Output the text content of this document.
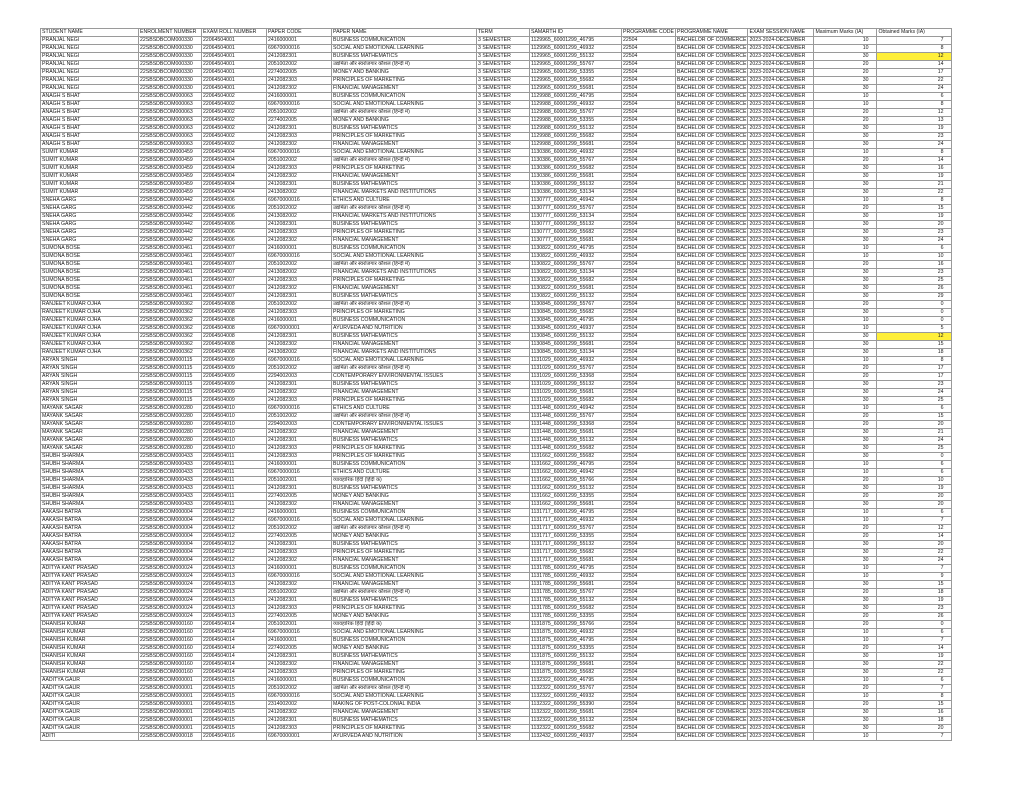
STUDENT NAME	ENROLMENT NUMBER	EXAM ROLL NUMBER	PAPER CODE	PAPER NAME	TERM	SAMARTH ID	PROGRAMME CODE	PROGRAMME NAME	EXAM SESSION NAME	Maximum Marks (IA)	Obtained Marks (IA)
PRANJAL NEGI	22SBSDBCOM000330	22064504001	2416000001	BUSINESS COMMUNICATION	3 SEMESTER	1129965_60001299_46795	22504	BACHELOR OF COMMERCE	2023-2024-DECEMBER	10	7
PRANJAL NEGI	22SBSDBCOM000330	22064504001	69670000016	SOCIAL AND EMOTIONAL LEARNING	3 SEMESTER	1129965_60001299_46932	22504	BACHELOR OF COMMERCE	2023-2024-DECEMBER	10	8
PRANJAL NEGI	22SBSDBCOM000330	22064504001	2412082301	BUSINESS MATHEMATICS	3 SEMESTER	1129965_60001299_55132	22504	BACHELOR OF COMMERCE	2023-2024-DECEMBER	30	12
PRANJAL NEGI	22SBSDBCOM000330	22064504001	2051002002	उद्यमिता और स्वरोजगार कौशल (हिन्दी में)	3 SEMESTER	1129965_60001299_55767	22504	BACHELOR OF COMMERCE	2023-2024-DECEMBER	20	14
PRANJAL NEGI	22SBSDBCOM000330	22064504001	2274002005	MONEY AND BANKING	3 SEMESTER	1129965_60001299_53355	22504	BACHELOR OF COMMERCE	2023-2024-DECEMBER	20	17
PRANJAL NEGI	22SBSDBCOM000330	22064504001	2412082303	PRINCIPLES OF MARKETING	3 SEMESTER	1129965_60001299_55682	22504	BACHELOR OF COMMERCE	2023-2024-DECEMBER	30	22
PRANJAL NEGI	22SBSDBCOM000330	22064504001	2412082302	FINANCIAL MANAGEMENT	3 SEMESTER	1129965_60001299_55681	22504	BACHELOR OF COMMERCE	2023-2024-DECEMBER	30	24
ANAGH S BHAT	22SBSDBCOM000063	22064504002	2416000001	BUSINESS COMMUNICATION	3 SEMESTER	1129988_60001299_46795	22504	BACHELOR OF COMMERCE	2023-2024-DECEMBER	10	6
ANAGH S BHAT	22SBSDBCOM000063	22064504002	69670000016	SOCIAL AND EMOTIONAL LEARNING	3 SEMESTER	1129988_60001299_46932	22504	BACHELOR OF COMMERCE	2023-2024-DECEMBER	10	8
ANAGH S BHAT	22SBSDBCOM000063	22064504002	2051002002	उद्यमिता और स्वरोजगार कौशल (हिन्दी में)	3 SEMESTER	1129988_60001299_55767	22504	BACHELOR OF COMMERCE	2023-2024-DECEMBER	20	12
ANAGH S BHAT	22SBSDBCOM000063	22064504002	2274002005	MONEY AND BANKING	3 SEMESTER	1129988_60001299_53355	22504	BACHELOR OF COMMERCE	2023-2024-DECEMBER	20	13
ANAGH S BHAT	22SBSDBCOM000063	22064504002	2412082301	BUSINESS MATHEMATICS	3 SEMESTER	1129988_60001299_55132	22504	BACHELOR OF COMMERCE	2023-2024-DECEMBER	30	19
ANAGH S BHAT	22SBSDBCOM000063	22064504002	2412082303	PRINCIPLES OF MARKETING	3 SEMESTER	1129988_60001299_55682	22504	BACHELOR OF COMMERCE	2023-2024-DECEMBER	30	23
ANAGH S BHAT	22SBSDBCOM000063	22064504002	2412082302	FINANCIAL MANAGEMENT	3 SEMESTER	1129988_60001299_55681	22504	BACHELOR OF COMMERCE	2023-2024-DECEMBER	30	24
SUMIT KUMAR	22SBSDBCOM000459	22064504004	69670000016	SOCIAL AND EMOTIONAL LEARNING	3 SEMESTER	1130386_60001299_46932	22504	BACHELOR OF COMMERCE	2023-2024-DECEMBER	10	8
SUMIT KUMAR	22SBSDBCOM000459	22064504004	2051002002	उद्यमिता और स्वरोजगार कौशल (हिन्दी में)	3 SEMESTER	1130386_60001299_55767	22504	BACHELOR OF COMMERCE	2023-2024-DECEMBER	20	14
SUMIT KUMAR	22SBSDBCOM000459	22064504004	2412082303	PRINCIPLES OF MARKETING	3 SEMESTER	1130386_60001299_55682	22504	BACHELOR OF COMMERCE	2023-2024-DECEMBER	30	16
SUMIT KUMAR	22SBSDBCOM000459	22064504004	2412082302	FINANCIAL MANAGEMENT	3 SEMESTER	1130386_60001299_55681	22504	BACHELOR OF COMMERCE	2023-2024-DECEMBER	30	19
SUMIT KUMAR	22SBSDBCOM000459	22064504004	2412082301	BUSINESS MATHEMATICS	3 SEMESTER	1130386_60001299_55132	22504	BACHELOR OF COMMERCE	2023-2024-DECEMBER	30	21
SUMIT KUMAR	22SBSDBCOM000459	22064504004	2413082002	FINANCIAL MARKETS AND INSTITUTIONS	3 SEMESTER	1130386_60001299_53134	22504	BACHELOR OF COMMERCE	2023-2024-DECEMBER	30	22
SNEHA GARG	22SBSDBCOM000442	22064504006	69670000016	ETHICS AND CULTURE	3 SEMESTER	1130777_60001299_46942	22504	BACHELOR OF COMMERCE	2023-2024-DECEMBER	10	8
SNEHA GARG	22SBSDBCOM000442	22064504006	2051002002	उद्यमिता और स्वरोजगार कौशल (हिन्दी में)	3 SEMESTER	1130777_60001299_55767	22504	BACHELOR OF COMMERCE	2023-2024-DECEMBER	20	15
SNEHA GARG	22SBSDBCOM000442	22064504006	2413082002	FINANCIAL MARKETS AND INSTITUTIONS	3 SEMESTER	1130777_60001299_53134	22504	BACHELOR OF COMMERCE	2023-2024-DECEMBER	30	19
SNEHA GARG	22SBSDBCOM000442	22064504006	2412082301	BUSINESS MATHEMATICS	3 SEMESTER	1130777_60001299_55132	22504	BACHELOR OF COMMERCE	2023-2024-DECEMBER	30	20
SNEHA GARG	22SBSDBCOM000442	22064504006	2412082303	PRINCIPLES OF MARKETING	3 SEMESTER	1130777_60001299_55682	22504	BACHELOR OF COMMERCE	2023-2024-DECEMBER	30	23
SNEHA GARG	22SBSDBCOM000442	22064504006	2412082302	FINANCIAL MANAGEMENT	3 SEMESTER	1130777_60001299_55681	22504	BACHELOR OF COMMERCE	2023-2024-DECEMBER	30	24
SUMONA BOSE	22SBSDBCOM000461	22064504007	2416000001	BUSINESS COMMUNICATION	3 SEMESTER	1130822_60001299_46795	22504	BACHELOR OF COMMERCE	2023-2024-DECEMBER	10	6
SUMONA BOSE	22SBSDBCOM000461	22064504007	69670000016	SOCIAL AND EMOTIONAL LEARNING	3 SEMESTER	1130822_60001299_46932	22504	BACHELOR OF COMMERCE	2023-2024-DECEMBER	10	10
SUMONA BOSE	22SBSDBCOM000461	22064504007	2051002002	उद्यमिता और स्वरोजगार कौशल (हिन्दी में)	3 SEMESTER	1130822_60001299_55767	22504	BACHELOR OF COMMERCE	2023-2024-DECEMBER	20	16
SUMONA BOSE	22SBSDBCOM000461	22064504007	2413082002	FINANCIAL MARKETS AND INSTITUTIONS	3 SEMESTER	1130822_60001299_53134	22504	BACHELOR OF COMMERCE	2023-2024-DECEMBER	30	23
SUMONA BOSE	22SBSDBCOM000461	22064504007	2412082303	PRINCIPLES OF MARKETING	3 SEMESTER	1130822_60001299_55682	22504	BACHELOR OF COMMERCE	2023-2024-DECEMBER	30	25
SUMONA BOSE	22SBSDBCOM000461	22064504007	2412082302	FINANCIAL MANAGEMENT	3 SEMESTER	1130822_60001299_55681	22504	BACHELOR OF COMMERCE	2023-2024-DECEMBER	30	26
SUMONA BOSE	22SBSDBCOM000461	22064504007	2412082301	BUSINESS MATHEMATICS	3 SEMESTER	1130822_60001299_55132	22504	BACHELOR OF COMMERCE	2023-2024-DECEMBER	30	29
RANJEET KUMAR OJHA	22SBSDBCOM000362	22064504008	2051002002	उद्यमिता और स्वरोजगार कौशल (हिन्दी में)	3 SEMESTER	1130845_60001299_55767	22504	BACHELOR OF COMMERCE	2023-2024-DECEMBER	20	0
RANJEET KUMAR OJHA	22SBSDBCOM000362	22064504008	2412082303	PRINCIPLES OF MARKETING	3 SEMESTER	1130845_60001299_55682	22504	BACHELOR OF COMMERCE	2023-2024-DECEMBER	30	0
RANJEET KUMAR OJHA	22SBSDBCOM000362	22064504008	2416000001	BUSINESS COMMUNICATION	3 SEMESTER	1130845_60001299_46795	22504	BACHELOR OF COMMERCE	2023-2024-DECEMBER	10	0
RANJEET KUMAR OJHA	22SBSDBCOM000362	22064504008	69670000001	AYURVEDA AND NUTRITION	3 SEMESTER	1130845_60001299_46937	22504	BACHELOR OF COMMERCE	2023-2024-DECEMBER	10	5
RANJEET KUMAR OJHA	22SBSDBCOM000362	22064504008	2412082301	BUSINESS MATHEMATICS	3 SEMESTER	1130845_60001299_55132	22504	BACHELOR OF COMMERCE	2023-2024-DECEMBER	30	12
RANJEET KUMAR OJHA	22SBSDBCOM000362	22064504008	2412082302	FINANCIAL MANAGEMENT	3 SEMESTER	1130845_60001299_55681	22504	BACHELOR OF COMMERCE	2023-2024-DECEMBER	30	15
RANJEET KUMAR OJHA	22SBSDBCOM000362	22064504008	2413082002	FINANCIAL MARKETS AND INSTITUTIONS	3 SEMESTER	1130845_60001299_53134	22504	BACHELOR OF COMMERCE	2023-2024-DECEMBER	30	18
ARYAN SINGH	22SBSDBCOM000115	22064504009	69670000016	SOCIAL AND EMOTIONAL LEARNING	3 SEMESTER	1131029_60001299_46932	22504	BACHELOR OF COMMERCE	2023-2024-DECEMBER	10	8
ARYAN SINGH	22SBSDBCOM000115	22064504009	2051002002	उद्यमिता और स्वरोजगार कौशल (हिन्दी में)	3 SEMESTER	1131029_60001299_55767	22504	BACHELOR OF COMMERCE	2023-2024-DECEMBER	20	17
ARYAN SINGH	22SBSDBCOM000115	22064504009	2294002003	CONTEMPORARY ENVIRONMENTAL ISSUES	3 SEMESTER	1131029_60001299_53368	22504	BACHELOR OF COMMERCE	2023-2024-DECEMBER	20	17
ARYAN SINGH	22SBSDBCOM000115	22064504009	2412082301	BUSINESS MATHEMATICS	3 SEMESTER	1131029_60001299_55132	22504	BACHELOR OF COMMERCE	2023-2024-DECEMBER	30	23
ARYAN SINGH	22SBSDBCOM000115	22064504009	2412082302	FINANCIAL MANAGEMENT	3 SEMESTER	1131029_60001299_55681	22504	BACHELOR OF COMMERCE	2023-2024-DECEMBER	30	24
ARYAN SINGH	22SBSDBCOM000115	22064504009	2412082303	PRINCIPLES OF MARKETING	3 SEMESTER	1131029_60001299_55682	22504	BACHELOR OF COMMERCE	2023-2024-DECEMBER	30	25
MAYANK SAGAR	22SBSDBCOM000280	22064504010	69670000016	ETHICS AND CULTURE	3 SEMESTER	1131448_60001299_46942	22504	BACHELOR OF COMMERCE	2023-2024-DECEMBER	10	6
MAYANK SAGAR	22SBSDBCOM000280	22064504010	2051002002	उद्यमिता और स्वरोजगार कौशल (हिन्दी में)	3 SEMESTER	1131448_60001299_55767	22504	BACHELOR OF COMMERCE	2023-2024-DECEMBER	20	15
MAYANK SAGAR	22SBSDBCOM000280	22064504010	2294002003	CONTEMPORARY ENVIRONMENTAL ISSUES	3 SEMESTER	1131448_60001299_53368	22504	BACHELOR OF COMMERCE	2023-2024-DECEMBER	20	20
MAYANK SAGAR	22SBSDBCOM000280	22064504010	2412082302	FINANCIAL MANAGEMENT	3 SEMESTER	1131448_60001299_55681	22504	BACHELOR OF COMMERCE	2023-2024-DECEMBER	30	21
MAYANK SAGAR	22SBSDBCOM000280	22064504010	2412082301	BUSINESS MATHEMATICS	3 SEMESTER	1131448_60001299_55132	22504	BACHELOR OF COMMERCE	2023-2024-DECEMBER	30	24
MAYANK SAGAR	22SBSDBCOM000280	22064504010	2412082303	PRINCIPLES OF MARKETING	3 SEMESTER	1131448_60001299_55682	22504	BACHELOR OF COMMERCE	2023-2024-DECEMBER	30	25
SHUBH SHARMA	22SBSDBCOM000433	22064504011	2412082303	PRINCIPLES OF MARKETING	3 SEMESTER	1131662_60001299_55682	22504	BACHELOR OF COMMERCE	2023-2024-DECEMBER	30	0
SHUBH SHARMA	22SBSDBCOM000433	22064504011	2416000001	BUSINESS COMMUNICATION	3 SEMESTER	1131662_60001299_46795	22504	BACHELOR OF COMMERCE	2023-2024-DECEMBER	10	6
SHUBH SHARMA	22SBSDBCOM000433	22064504011	69670000016	ETHICS AND CULTURE	3 SEMESTER	1131662_60001299_46942	22504	BACHELOR OF COMMERCE	2023-2024-DECEMBER	10	6
SHUBH SHARMA	22SBSDBCOM000433	22064504011	2051002001	व्यावहारिक हिंदी (हिंदी क)	3 SEMESTER	1131662_60001299_55766	22504	BACHELOR OF COMMERCE	2023-2024-DECEMBER	20	10
SHUBH SHARMA	22SBSDBCOM000433	22064504011	2412082301	BUSINESS MATHEMATICS	3 SEMESTER	1131662_60001299_55132	22504	BACHELOR OF COMMERCE	2023-2024-DECEMBER	30	19
SHUBH SHARMA	22SBSDBCOM000433	22064504011	2274002005	MONEY AND BANKING	3 SEMESTER	1131662_60001299_53355	22504	BACHELOR OF COMMERCE	2023-2024-DECEMBER	20	20
SHUBH SHARMA	22SBSDBCOM000433	22064504011	2412082302	FINANCIAL MANAGEMENT	3 SEMESTER	1131662_60001299_55681	22504	BACHELOR OF COMMERCE	2023-2024-DECEMBER	30	20
AAKASH BATRA	22SBSDBCOM000004	22064504012	2416000001	BUSINESS COMMUNICATION	3 SEMESTER	1131717_60001299_46795	22504	BACHELOR OF COMMERCE	2023-2024-DECEMBER	10	6
AAKASH BATRA	22SBSDBCOM000004	22064504012	69670000016	SOCIAL AND EMOTIONAL LEARNING	3 SEMESTER	1131717_60001299_46932	22504	BACHELOR OF COMMERCE	2023-2024-DECEMBER	10	7
AAKASH BATRA	22SBSDBCOM000004	22064504012	2051002002	उद्यमिता और स्वरोजगार कौशल (हिन्दी में)	3 SEMESTER	1131717_60001299_55767	22504	BACHELOR OF COMMERCE	2023-2024-DECEMBER	20	12
AAKASH BATRA	22SBSDBCOM000004	22064504012	2274002005	MONEY AND BANKING	3 SEMESTER	1131717_60001299_53355	22504	BACHELOR OF COMMERCE	2023-2024-DECEMBER	20	14
AAKASH BATRA	22SBSDBCOM000004	22064504012	2412082301	BUSINESS MATHEMATICS	3 SEMESTER	1131717_60001299_55132	22504	BACHELOR OF COMMERCE	2023-2024-DECEMBER	30	20
AAKASH BATRA	22SBSDBCOM000004	22064504012	2412082303	PRINCIPLES OF MARKETING	3 SEMESTER	1131717_60001299_55682	22504	BACHELOR OF COMMERCE	2023-2024-DECEMBER	30	22
AAKASH BATRA	22SBSDBCOM000004	22064504012	2412082302	FINANCIAL MANAGEMENT	3 SEMESTER	1131717_60001299_55681	22504	BACHELOR OF COMMERCE	2023-2024-DECEMBER	30	24
ADITYA KANT PRASAD	22SBSDBCOM000024	22064504013	2416000001	BUSINESS COMMUNICATION	3 SEMESTER	1131785_60001299_46795	22504	BACHELOR OF COMMERCE	2023-2024-DECEMBER	10	7
ADITYA KANT PRASAD	22SBSDBCOM000024	22064504013	69670000016	SOCIAL AND EMOTIONAL LEARNING	3 SEMESTER	1131785_60001299_46932	22504	BACHELOR OF COMMERCE	2023-2024-DECEMBER	10	9
ADITYA KANT PRASAD	22SBSDBCOM000024	22064504013	2412082302	FINANCIAL MANAGEMENT	3 SEMESTER	1131785_60001299_55681	22504	BACHELOR OF COMMERCE	2023-2024-DECEMBER	30	15
ADITYA KANT PRASAD	22SBSDBCOM000024	22064504013	2051002002	उद्यमिता और स्वरोजगार कौशल (हिन्दी में)	3 SEMESTER	1131785_60001299_55767	22504	BACHELOR OF COMMERCE	2023-2024-DECEMBER	20	18
ADITYA KANT PRASAD	22SBSDBCOM000024	22064504013	2412082301	BUSINESS MATHEMATICS	3 SEMESTER	1131785_60001299_55132	22504	BACHELOR OF COMMERCE	2023-2024-DECEMBER	30	19
ADITYA KANT PRASAD	22SBSDBCOM000024	22064504013	2412082303	PRINCIPLES OF MARKETING	3 SEMESTER	1131785_60001299_55682	22504	BACHELOR OF COMMERCE	2023-2024-DECEMBER	30	23
ADITYA KANT PRASAD	22SBSDBCOM000024	22064504013	2274002005	MONEY AND BANKING	3 SEMESTER	1131785_60001299_53355	22504	BACHELOR OF COMMERCE	2023-2024-DECEMBER	20	26
DHANISH KUMAR	22SBSDBCOM000160	22064504014	2051002001	व्यावहारिक हिंदी (हिंदी क)	3 SEMESTER	1131875_60001299_55766	22504	BACHELOR OF COMMERCE	2023-2024-DECEMBER	20	0
DHANISH KUMAR	22SBSDBCOM000160	22064504014	69670000016	SOCIAL AND EMOTIONAL LEARNING	3 SEMESTER	1131875_60001299_46932	22504	BACHELOR OF COMMERCE	2023-2024-DECEMBER	10	6
DHANISH KUMAR	22SBSDBCOM000160	22064504014	2416000001	BUSINESS COMMUNICATION	3 SEMESTER	1131875_60001299_46795	22504	BACHELOR OF COMMERCE	2023-2024-DECEMBER	10	7
DHANISH KUMAR	22SBSDBCOM000160	22064504014	2274002005	MONEY AND BANKING	3 SEMESTER	1131875_60001299_53355	22504	BACHELOR OF COMMERCE	2023-2024-DECEMBER	20	14
DHANISH KUMAR	22SBSDBCOM000160	22064504014	2412082301	BUSINESS MATHEMATICS	3 SEMESTER	1131875_60001299_55132	22504	BACHELOR OF COMMERCE	2023-2024-DECEMBER	30	19
DHANISH KUMAR	22SBSDBCOM000160	22064504014	2412082302	FINANCIAL MANAGEMENT	3 SEMESTER	1131875_60001299_55681	22504	BACHELOR OF COMMERCE	2023-2024-DECEMBER	30	22
DHANISH KUMAR	22SBSDBCOM000160	22064504014	2412082303	PRINCIPLES OF MARKETING	3 SEMESTER	1131875_60001299_55682	22504	BACHELOR OF COMMERCE	2023-2024-DECEMBER	30	22
AADITYA GAUR	22SBSDBCOM000001	22064504015	2416000001	BUSINESS COMMUNICATION	3 SEMESTER	1132322_60001299_46795	22504	BACHELOR OF COMMERCE	2023-2024-DECEMBER	10	6
AADITYA GAUR	22SBSDBCOM000001	22064504015	2051002002	उद्यमिता और स्वरोजगार कौशल (हिन्दी में)	3 SEMESTER	1132322_60001299_55767	22504	BACHELOR OF COMMERCE	2023-2024-DECEMBER	20	7
AADITYA GAUR	22SBSDBCOM000001	22064504015	69670000016	SOCIAL AND EMOTIONAL LEARNING	3 SEMESTER	1132322_60001299_46932	22504	BACHELOR OF COMMERCE	2023-2024-DECEMBER	10	8
AADITYA GAUR	22SBSDBCOM000001	22064504015	2314002002	MAKING OF POST-COLONIAL INDIA	3 SEMESTER	1132322_60001299_55390	22504	BACHELOR OF COMMERCE	2023-2024-DECEMBER	20	15
AADITYA GAUR	22SBSDBCOM000001	22064504015	2412082302	FINANCIAL MANAGEMENT	3 SEMESTER	1132322_60001299_55681	22504	BACHELOR OF COMMERCE	2023-2024-DECEMBER	30	16
AADITYA GAUR	22SBSDBCOM000001	22064504015	2412082301	BUSINESS MATHEMATICS	3 SEMESTER	1132322_60001299_55132	22504	BACHELOR OF COMMERCE	2023-2024-DECEMBER	30	18
AADITYA GAUR	22SBSDBCOM000001	22064504015	2412082303	PRINCIPLES OF MARKETING	3 SEMESTER	1132322_60001299_55682	22504	BACHELOR OF COMMERCE	2023-2024-DECEMBER	30	20
ADITI	22SBSDBCOM000018	22064504016	69670000001	AYURVEDA AND NUTRITION	3 SEMESTER	1132432_60001299_46937	22504	BACHELOR OF COMMERCE	2023-2024-DECEMBER	10	7
